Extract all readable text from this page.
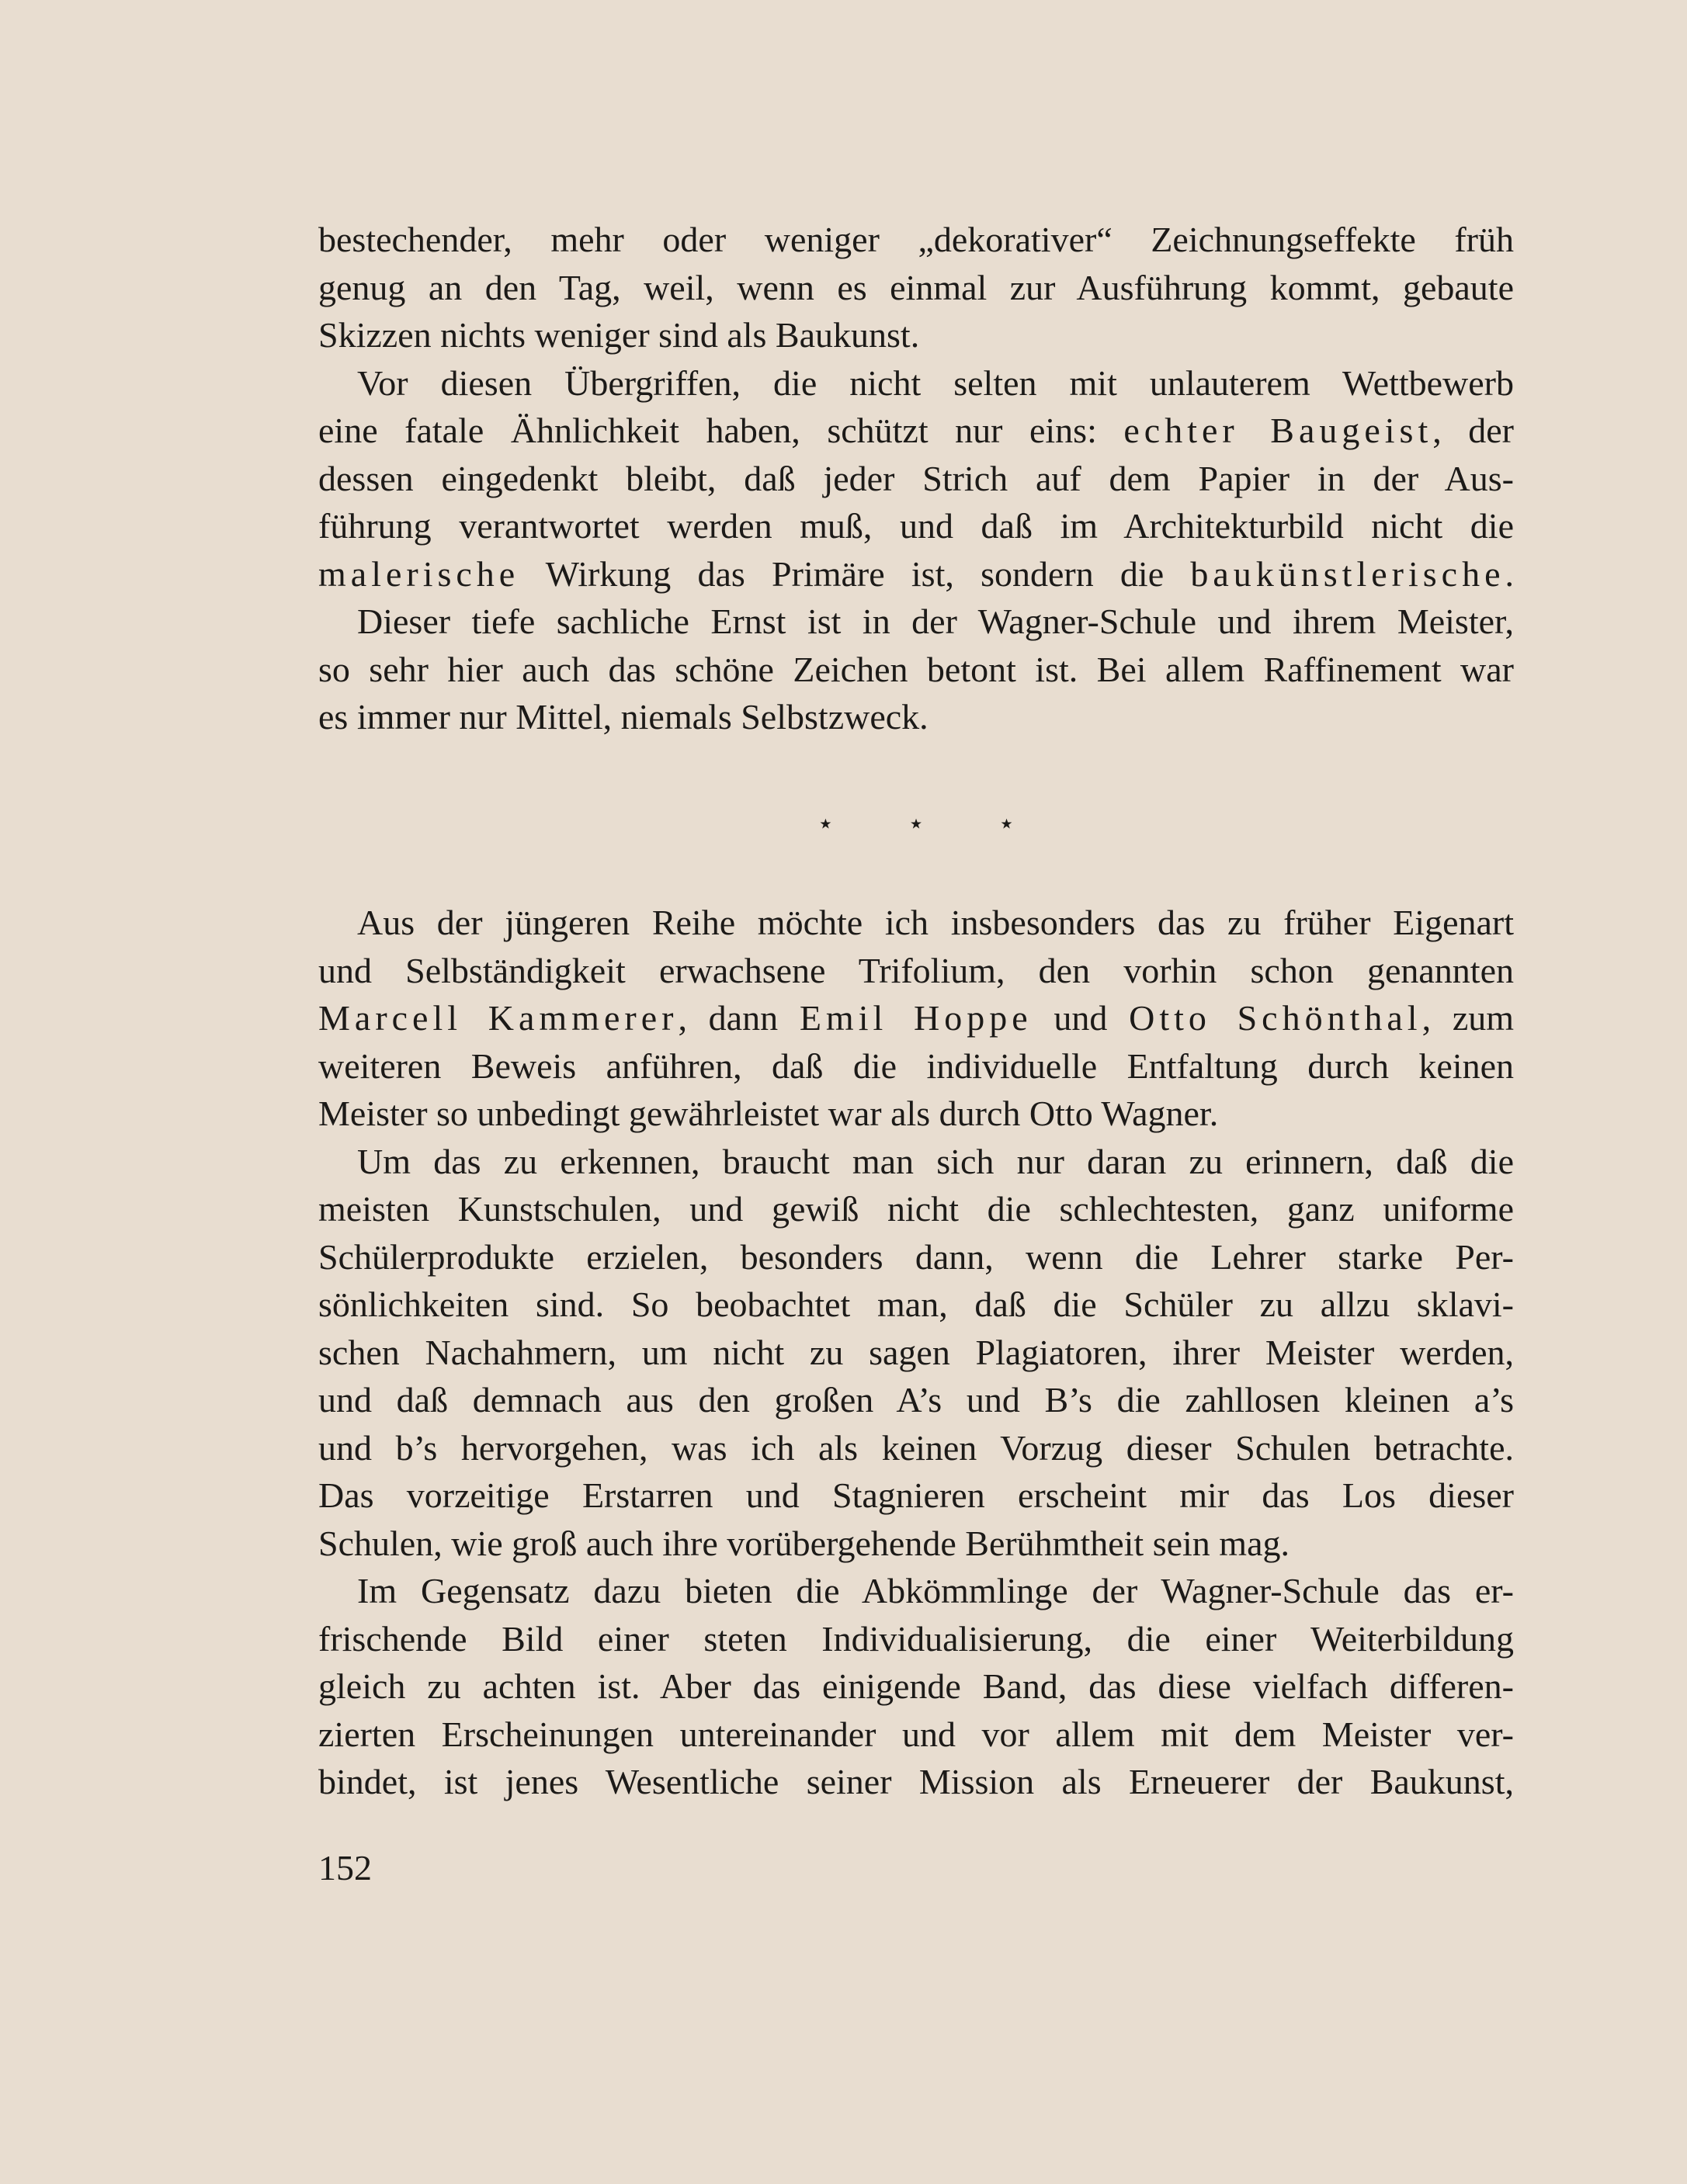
bestechender, mehr oder weniger „dekorativer“ Zeichnungseffekte früh
genug an den Tag, weil, wenn es einmal zur Ausführung kommt, gebaute
Skizzen nichts weniger sind als Baukunst.
Vor diesen Übergriffen, die nicht selten mit unlauterem Wettbewerb
eine fatale Ähnlichkeit haben, schützt nur eins: echter Baugeist, der
dessen eingedenkt bleibt, daß jeder Strich auf dem Papier in der Aus-
führung verantwortet werden muß, und daß im Architekturbild nicht die
malerische Wirkung das Primäre ist, sondern die baukünstlerische.
Dieser tiefe sachliche Ernst ist in der Wagner-Schule und ihrem Meister,
so sehr hier auch das schöne Zeichen betont ist. Bei allem Raffinement war
es immer nur Mittel, niemals Selbstzweck.
⋆	⋆	⋆
Aus der jüngeren Reihe möchte ich insbesonders das zu früher Eigenart
und Selbständigkeit erwachsene Trifolium, den vorhin schon genannten
Marcell Kammerer, dann Emil Hoppe und Otto Schönthal, zum
weiteren Beweis anführen, daß die individuelle Entfaltung durch keinen
Meister so unbedingt gewährleistet war als durch Otto Wagner.
Um das zu erkennen, braucht man sich nur daran zu erinnern, daß die
meisten Kunstschulen, und gewiß nicht die schlechtesten, ganz uniforme
Schülerprodukte erzielen, besonders dann, wenn die Lehrer starke Per-
sönlichkeiten sind. So beobachtet man, daß die Schüler zu allzu sklavi-
schen Nachahmern, um nicht zu sagen Plagiatoren, ihrer Meister werden,
und daß demnach aus den großen A’s und B’s die zahllosen kleinen a’s
und b’s hervorgehen, was ich als keinen Vorzug dieser Schulen betrachte.
Das vorzeitige Erstarren und Stagnieren erscheint mir das Los dieser
Schulen, wie groß auch ihre vorübergehende Berühmtheit sein mag.
Im Gegensatz dazu bieten die Abkömmlinge der Wagner-Schule das er-
frischende Bild einer steten Individualisierung, die einer Weiterbildung
gleich zu achten ist. Aber das einigende Band, das diese vielfach differen-
zierten Erscheinungen untereinander und vor allem mit dem Meister ver-
bindet, ist jenes Wesentliche seiner Mission als Erneuerer der Baukunst,
152
